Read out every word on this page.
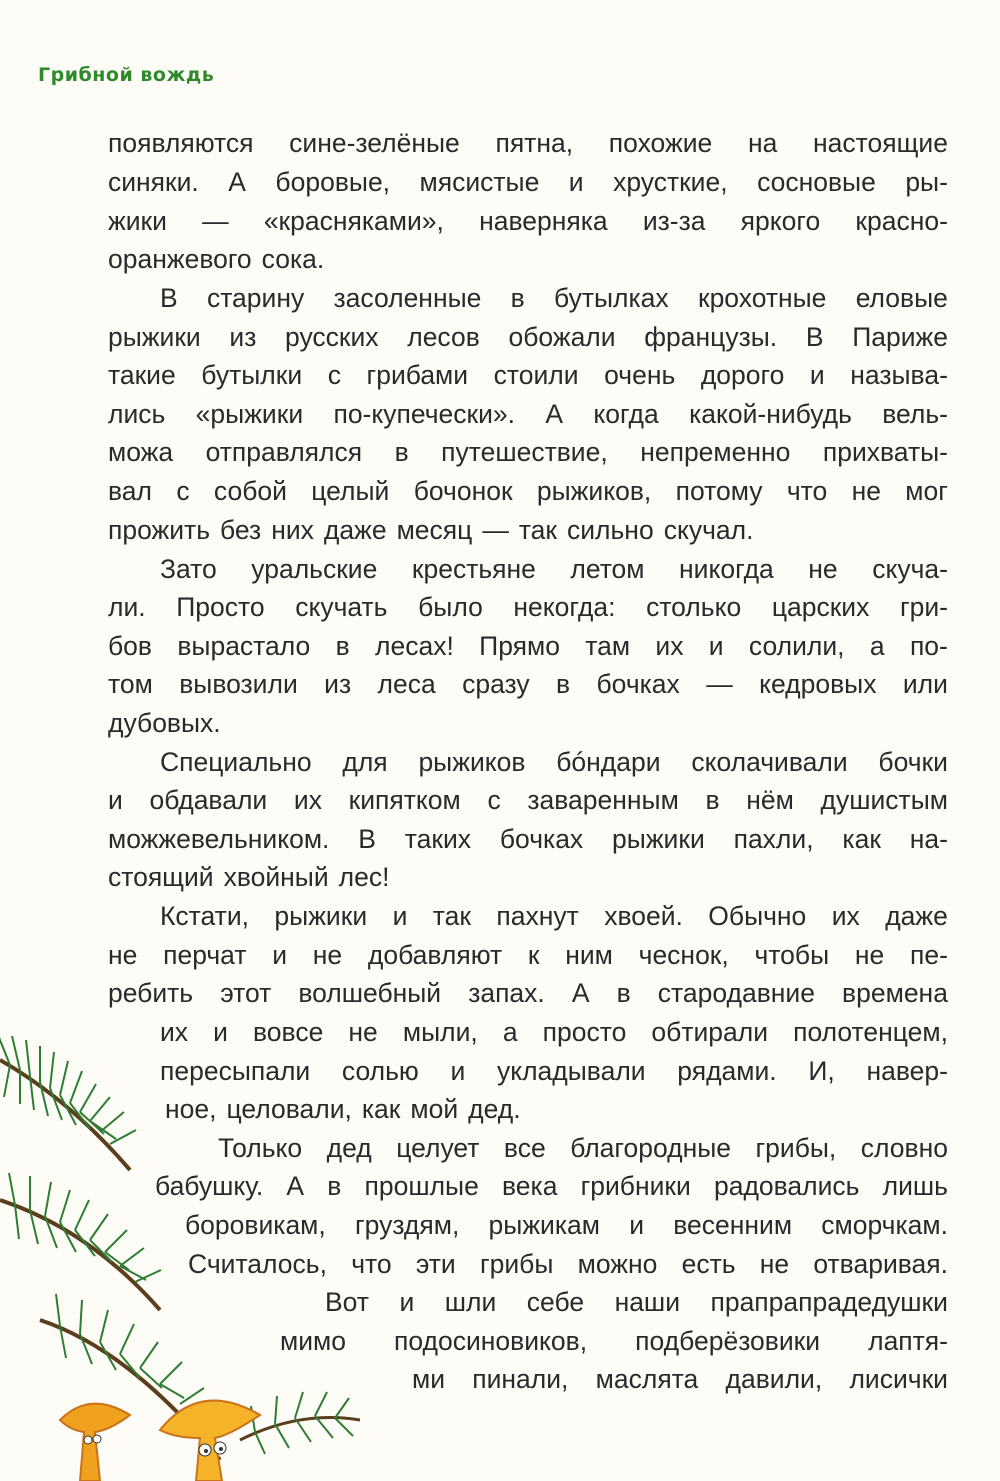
Грибной вождь
появляются сине-зелёные пятна, похожие на настоящие
синяки. А боровые, мясистые и хрусткие, сосновые ры-
жики — «красняками», наверняка из-за яркого красно-
оранжевого сока.
В старину засоленные в бутылках крохотные еловые
рыжики из русских лесов обожали французы. В Париже
такие бутылки с грибами стоили очень дорого и называ-
лись «рыжики по-купечески». А когда какой-нибудь вель-
можа отправлялся в путешествие, непременно прихваты-
вал с собой целый бочонок рыжиков, потому что не мог
прожить без них даже месяц — так сильно скучал.
Зато уральские крестьяне летом никогда не скуча-
ли. Просто скучать было некогда: столько царских гри-
бов вырастало в лесах! Прямо там их и солили, а по-
том вывозили из леса сразу в бочках — кедровых или
дубовых.
Специально для рыжиков бóндари сколачивали бочки
и обдавали их кипятком с заваренным в нём душистым
можжевельником. В таких бочках рыжики пахли, как на-
стоящий хвойный лес!
Кстати, рыжики и так пахнут хвоей. Обычно их даже
не перчат и не добавляют к ним чеснок, чтобы не пе-
ребить этот волшебный запах. А в стародавние времена
их и вовсе не мыли, а просто обтирали полотенцем,
пересыпали солью и укладывали рядами. И, навер-
ное, целовали, как мой дед.
Только дед целует все благородные грибы, словно
бабушку. А в прошлые века грибники радовались лишь
боровикам, груздям, рыжикам и весенним сморчкам.
Считалось, что эти грибы можно есть не отваривая.
Вот и шли себе наши прапрапрадедушки
мимо подосиновиков, подберёзовики лаптя-
ми пинали, маслята давили, лисички
